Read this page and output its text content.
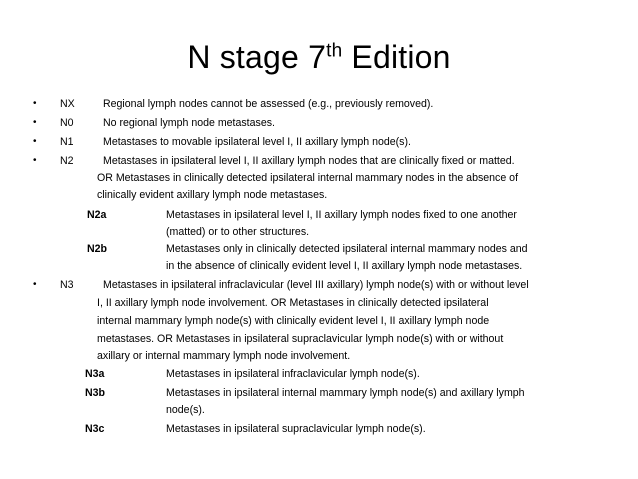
N stage 7th Edition
• NX	Regional lymph nodes cannot be assessed (e.g., previously removed).
• N0	No regional lymph node metastases.
• N1	Metastases to movable ipsilateral level I, II axillary lymph node(s).
• N2	Metastases in ipsilateral level I, II axillary lymph nodes that are clinically fixed or matted.
OR Metastases in clinically detected ipsilateral internal mammary nodes in the absence of
clinically evident axillary lymph node metastases.
N2a	Metastases in ipsilateral level I, II axillary lymph nodes fixed to one another
(matted) or to other structures.
N2b	Metastases only in clinically detected ipsilateral internal mammary nodes and
in the absence of clinically evident level I, II axillary lymph node metastases.
• N3	Metastases in ipsilateral infraclavicular (level III axillary) lymph node(s) with or without level
I, II axillary lymph node involvement. OR Metastases in clinically detected ipsilateral
internal mammary lymph node(s) with clinically evident level I, II axillary lymph node
metastases. OR Metastases in ipsilateral supraclavicular lymph node(s) with or without
axillary or internal mammary lymph node involvement.
N3a	Metastases in ipsilateral infraclavicular lymph node(s).
N3b	Metastases in ipsilateral internal mammary lymph node(s) and axillary lymph
node(s).
N3c	Metastases in ipsilateral supraclavicular lymph node(s).
